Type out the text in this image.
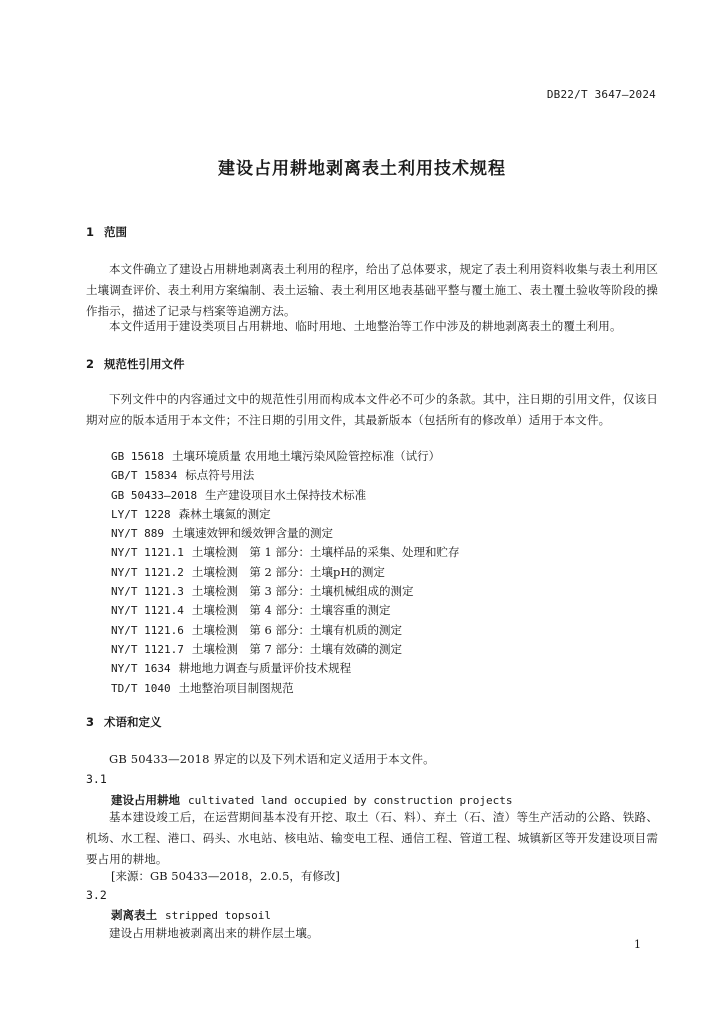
DB22/T 3647—2024
建设占用耕地剥离表土利用技术规程
1 范围
本文件确立了建设占用耕地剥离表土利用的程序，给出了总体要求，规定了表土利用资料收集与表土利用区土壤调查评价、表土利用方案编制、表土运输、表土利用区地表基础平整与覆土施工、表土覆土验收等阶段的操作指示，描述了记录与档案等追溯方法。
本文件适用于建设类项目占用耕地、临时用地、土地整治等工作中涉及的耕地剥离表土的覆土利用。
2 规范性引用文件
下列文件中的内容通过文中的规范性引用而构成本文件必不可少的条款。其中，注日期的引用文件，仅该日期对应的版本适用于本文件；不注日期的引用文件，其最新版本（包括所有的修改单）适用于本文件。
GB 15618 土壤环境质量 农用地土壤污染风险管控标准（试行）
GB/T 15834 标点符号用法
GB 50433—2018 生产建设项目水土保持技术标准
LY/T 1228 森林土壤氮的测定
NY/T 889 土壤速效钾和缓效钾含量的测定
NY/T 1121.1 土壤检测　第 1 部分：土壤样品的采集、处理和贮存
NY/T 1121.2 土壤检测　第 2 部分：土壤pH的测定
NY/T 1121.3 土壤检测　第 3 部分：土壤机械组成的测定
NY/T 1121.4 土壤检测　第 4 部分：土壤容重的测定
NY/T 1121.6 土壤检测　第 6 部分：土壤有机质的测定
NY/T 1121.7 土壤检测　第 7 部分：土壤有效磷的测定
NY/T 1634 耕地地力调查与质量评价技术规程
TD/T 1040 土地整治项目制图规范
3 术语和定义
GB 50433—2018 界定的以及下列术语和定义适用于本文件。
3.1
建设占用耕地 cultivated land occupied by construction projects
基本建设竣工后，在运营期间基本没有开挖、取土（石、料）、弃土（石、渣）等生产活动的公路、铁路、机场、水工程、港口、码头、水电站、核电站、输变电工程、通信工程、管道工程、城镇新区等开发建设项目需要占用的耕地。
[来源：GB 50433—2018，2.0.5，有修改]
3.2
剥离表土 stripped topsoil
建设占用耕地被剥离出来的耕作层土壤。
1
